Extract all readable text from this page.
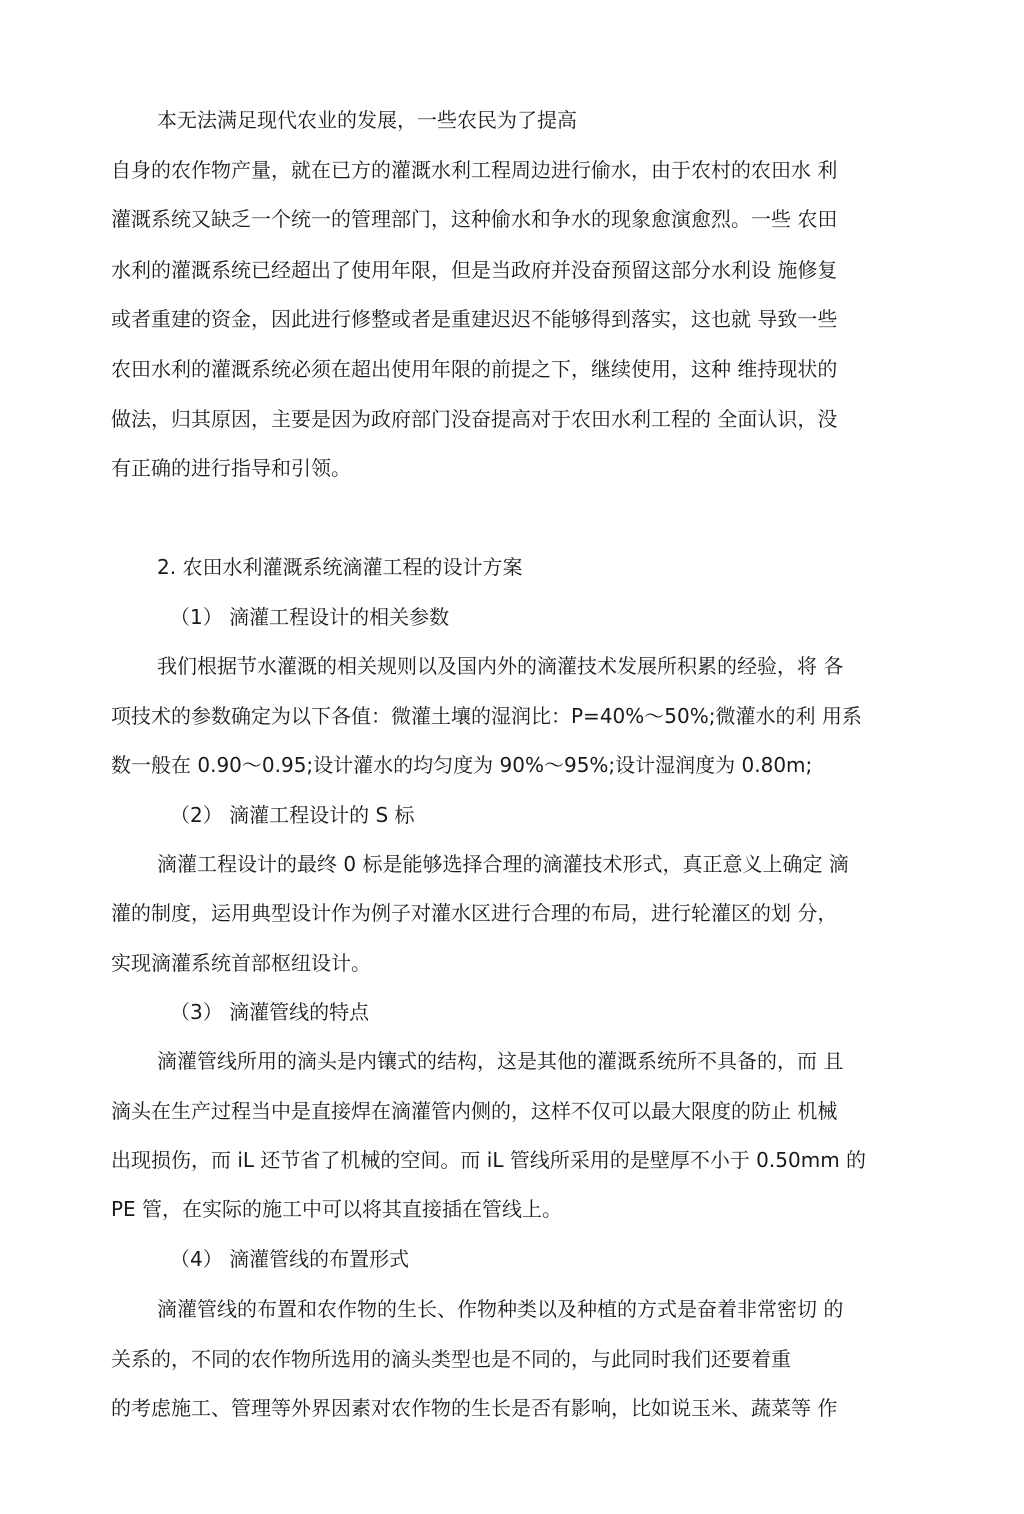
本无法满足现代农业的发展，一些农民为了提高
自身的农作物产量，就在已方的灌溉水利工程周边进行偷水，由于农村的农田水 利
灌溉系统又缺乏一个统一的管理部门，这种偷水和争水的现象愈演愈烈。一些 农田
水利的灌溉系统已经超出了使用年限，但是当政府并没奋预留这部分水利设 施修复
或者重建的资金，因此进行修整或者是重建迟迟不能够得到落实，这也就 导致一些
农田水利的灌溉系统必须在超出使用年限的前提之下，继续使用，这种 维持现状的
做法，归其原因，主要是因为政府部门没奋提高对于农田水利工程的 全面认识，没
有正确的进行指导和引领。
2. 农田水利灌溉系统滴灌工程的设计方案
（1） 滴灌工程设计的相关参数
我们根据节水灌溉的相关规则以及国内外的滴灌技术发展所积累的经验，将 各
项技术的参数确定为以下各值：微灌土壤的湿润比：P=40%～50%;微灌水的利 用系
数一般在 0.90～0.95;设计灌水的均匀度为 90%～95%;设计湿润度为 0.80m;
（2） 滴灌工程设计的 S 标
滴灌工程设计的最终 0 标是能够选择合理的滴灌技术形式，真正意义上确定 滴
灌的制度，运用典型设计作为例子对灌水区进行合理的布局，进行轮灌区的划 分，
实现滴灌系统首部枢纽设计。
（3） 滴灌管线的特点
滴灌管线所用的滴头是内镶式的结构，这是其他的灌溉系统所不具备的，而 且
滴头在生产过程当中是直接焊在滴灌管内侧的，这样不仅可以最大限度的防止 机械
出现损伤，而 iL 还节省了机械的空间。而 iL 管线所采用的是壁厚不小于 0.50mm 的
PE 管，在实际的施工中可以将其直接插在管线上。
（4） 滴灌管线的布置形式
滴灌管线的布置和农作物的生长、作物种类以及种植的方式是奋着非常密切 的
关系的，不同的农作物所选用的滴头类型也是不同的，与此同时我们还要着重
的考虑施工、管理等外界因素对农作物的生长是否有影响，比如说玉米、蔬菜等 作
